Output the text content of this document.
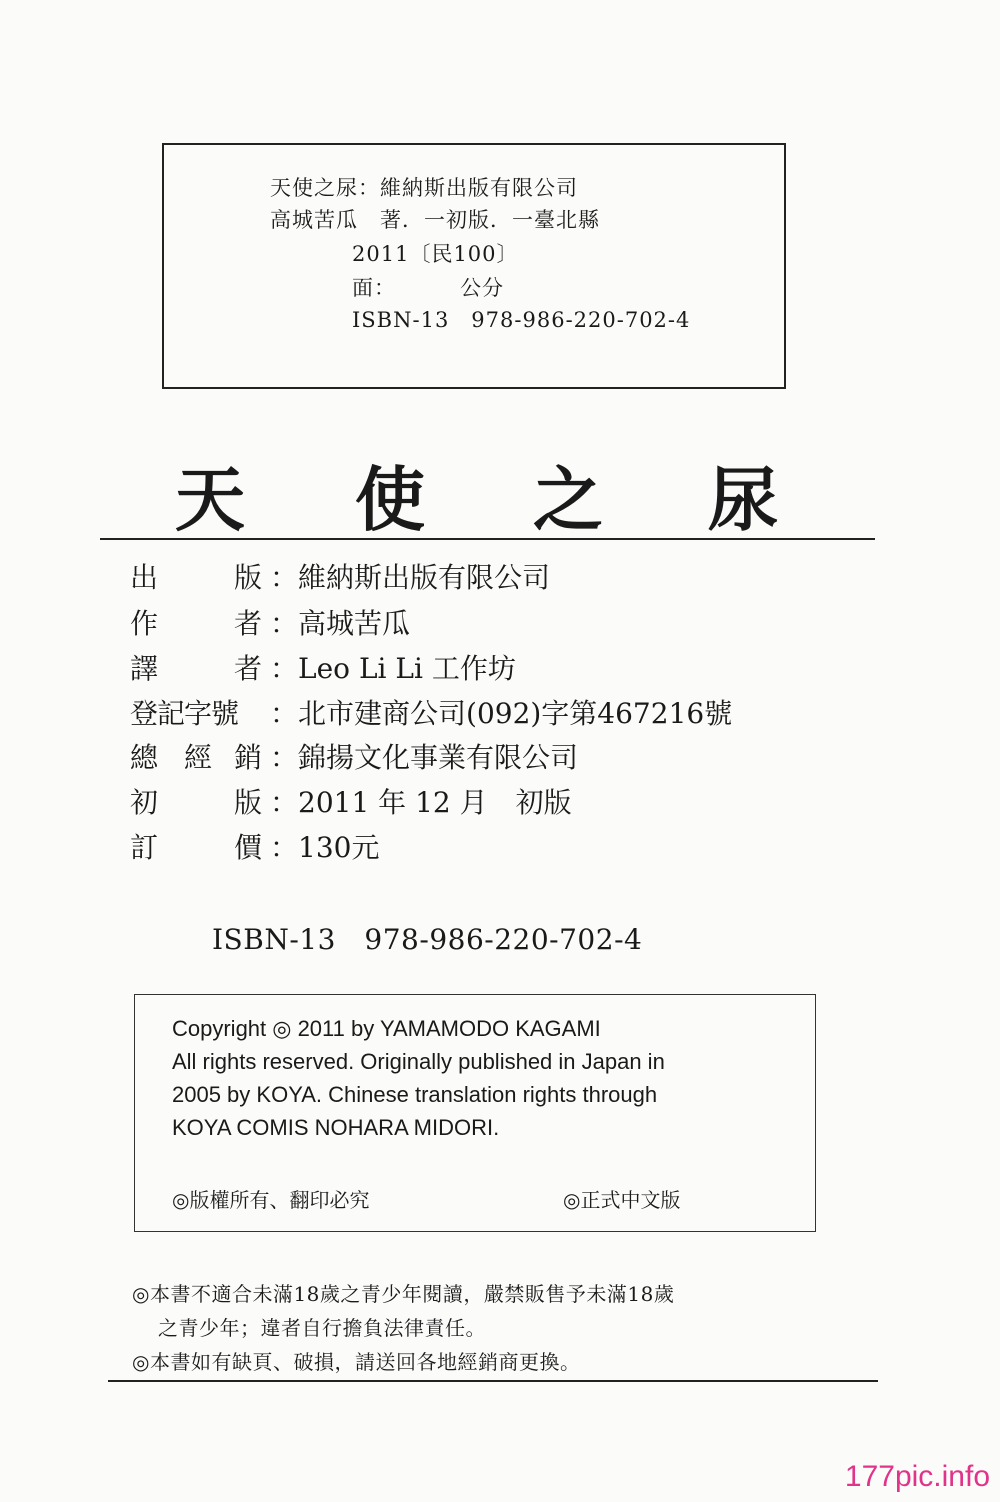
天使之尿：維納斯出版有限公司
高城苦瓜　著．一初版．一臺北縣
2011〔民100〕
面：	公分
ISBN-13　978-986-220-702-4
天 使 之 尿
出	版 ：維納斯出版有限公司
作	者 ：高城苦瓜
譯	者 ：Leo Li Li 工作坊
登記字號 ：北市建商公司(092)字第467216號
總 經 銷 ：錦揚文化事業有限公司
初	版 ：2011 年 12 月　初版
訂	價 ：130元
ISBN-13　978-986-220-702-4
Copyright ◎ 2011 by YAMAMODO KAGAMI
All rights reserved. Originally published in Japan in
2005 by KOYA. Chinese translation rights through
KOYA COMIS NOHARA MIDORI.
◎版權所有、翻印必究	◎正式中文版
◎本書不適合未滿18歲之青少年閱讀，嚴禁販售予未滿18歲
之青少年；違者自行擔負法律責任。
◎本書如有缺頁、破損，請送回各地經銷商更換。
177pic.info
